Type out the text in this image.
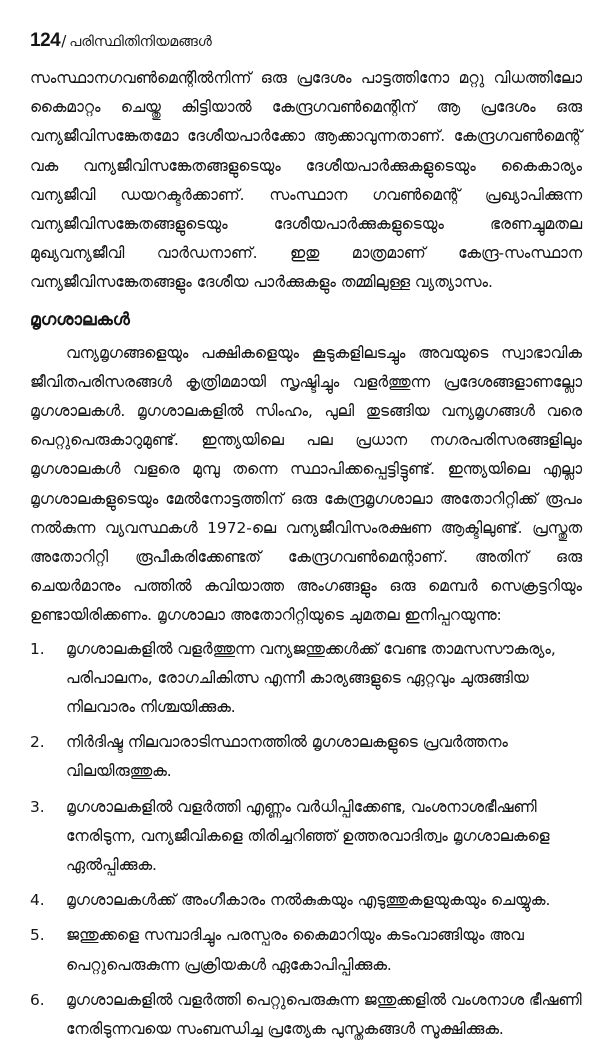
124 / പരിസ്ഥിതിനിയമങ്ങൾ

സംസ്ഥാനഗവൺമെന്റിൽനിന്ന് ഒരു പ്രദേശം പാട്ടത്തിനോ മറ്റു വിധത്തിലോ കൈമാറ്റം ചെയ്തു കിട്ടിയാൽ കേന്ദ്രഗവൺമെന്റിന് ആ പ്രദേശം ഒരു വന്യജീവിസങ്കേതമോ ദേശീയപാർക്കോ ആക്കാവുന്നതാണ്. കേന്ദ്രഗവൺമെന്റ് വക വന്യജീവിസങ്കേതങ്ങളുടെയും ദേശീയപാർക്കുകളുടെയും കൈകാര്യം വന്യജീവി ഡയറക്ടർക്കാണ്. സംസ്ഥാന ഗവൺമെന്റ് പ്രഖ്യാപിക്കുന്ന വന്യജീവിസങ്കേതങ്ങളുടെയും ദേശീയപാർക്കുകളുടെയും ഭരണച്ചുമതല മുഖ്യവന്യജീവി വാർഡനാണ്. ഇതു മാത്രമാണ് കേന്ദ്ര-സംസ്ഥാന വന്യജീവിസങ്കേതങ്ങളും ദേശീയ പാർക്കുകളും തമ്മിലുള്ള വ്യത്യാസം.

മൃഗശാലകൾ

വന്യമൃഗങ്ങളെയും പക്ഷികളെയും കൂടുകളിലടച്ചും അവയുടെ സ്വാഭാവിക ജീവിതപരിസരങ്ങൾ കൃത്രിമമായി സൃഷ്ടിച്ചും വളർത്തുന്ന പ്രദേശങ്ങളാണല്ലോ മൃഗശാലകൾ. മൃഗശാലകളിൽ സിംഹം, പുലി തുടങ്ങിയ വന്യമൃഗങ്ങൾ വരെ പെറ്റുപെരുകാറുമുണ്ട്. ഇന്ത്യയിലെ പല പ്രധാന നഗരപരിസരങ്ങളിലും മൃഗശാലകൾ വളരെ മുമ്പു തന്നെ സ്ഥാപിക്കപ്പെട്ടിട്ടുണ്ട്. ഇന്ത്യയിലെ എല്ലാ മൃഗശാലകളുടെയും മേൽനോട്ടത്തിന് ഒരു കേന്ദ്രമൃഗശാലാ അതോറിറ്റിക്ക് രൂപം നൽകുന്ന വ്യവസ്ഥകൾ 1972-ലെ വന്യജീവിസംരക്ഷണ ആക്ടിലുണ്ട്. പ്രസ്തുത അതോറിറ്റി രൂപീകരിക്കേണ്ടത് കേന്ദ്രഗവൺമെന്റാണ്. അതിന് ഒരു ചെയർമാനും പത്തിൽ കവിയാത്ത അംഗങ്ങളും ഒരു മെമ്പർ സെക്രട്ടറിയും ഉണ്ടായിരിക്കണം. മൃഗശാലാ അതോറിറ്റിയുടെ ചുമതല ഇനിപ്പറയുന്നു:

1.	മൃഗശാലകളിൽ വളർത്തുന്ന വന്യജന്തുക്കൾക്ക് വേണ്ട താമസസൗകര്യം, പരിപാലനം, രോഗചികിത്സ എന്നീ കാര്യങ്ങളുടെ ഏറ്റവും ചുരുങ്ങിയ നിലവാരം നിശ്ചയിക്കുക.
2.	നിർദിഷ്ട നിലവാരാടിസ്ഥാനത്തിൽ മൃഗശാലകളുടെ പ്രവർത്തനം വിലയിരുത്തുക.
3.	മൃഗശാലകളിൽ വളർത്തി എണ്ണം വർധിപ്പിക്കേണ്ട, വംശനാശഭീഷണി നേരിടുന്ന, വന്യജീവികളെ തിരിച്ചറിഞ്ഞ് ഉത്തരവാദിത്വം മൃഗശാലകളെ ഏൽപ്പിക്കുക.
4.	മൃഗശാലകൾക്ക് അംഗീകാരം നൽകുകയും എടുത്തുകളയുകയും ചെയ്യുക.
5.	ജന്തുക്കളെ സമ്പാദിച്ചും പരസ്പരം കൈമാറിയും കടംവാങ്ങിയും അവ പെറ്റുപെരുകുന്ന പ്രക്രിയകൾ ഏകോപിപ്പിക്കുക.
6.	മൃഗശാലകളിൽ വളർത്തി പെറ്റുപെരുകുന്ന ജന്തുക്കളിൽ വംശനാശ ഭീഷണി നേരിടുന്നവയെ സംബന്ധിച്ച പ്രത്യേക പുസ്തകങ്ങൾ സൂക്ഷിക്കുക.
